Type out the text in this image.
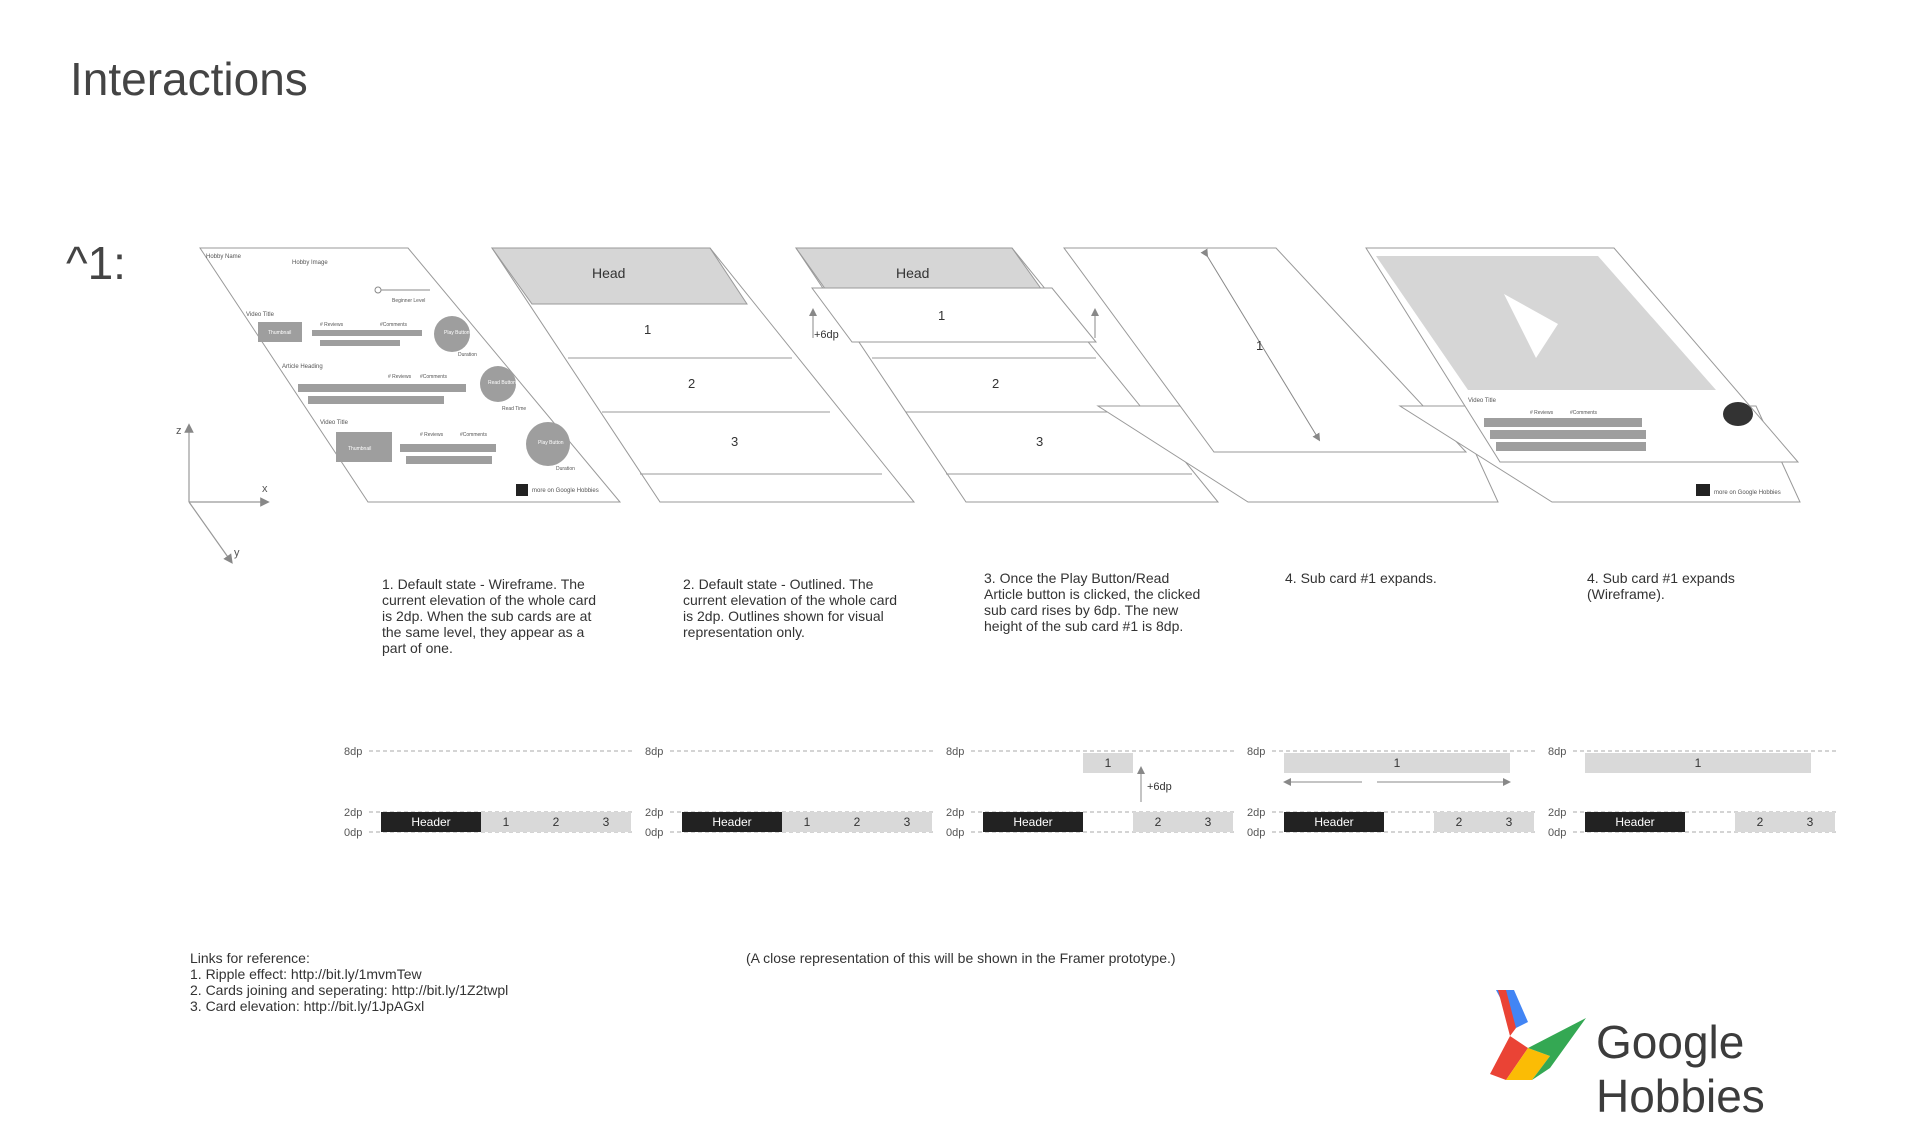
Interactions
^1:
z
x
y
Hobby Name
Hobby Image
Beginner Level
Video Title
Thumbnail
# Reviews	#Comments
Play Button
Duration
Article Heading
# Reviews #Comments
Read Button
Read Time
Video Title
Thumbnail
# Reviews	#Comments
Play Button
Duration
more on Google Hobbies
Head
1
2
3
Head
1
2
3
+6dp
1
more on Google Hobbies
Video Title
# Reviews	#Comments
8dp
2dp
0dp
Header	1	2	3
8dp
2dp
0dp
Header	1	2	3
8dp
2dp
0dp
Header	2	3
1
+6dp
8dp
2dp
0dp
Header	2	3
1
8dp
2dp
0dp
Header	2	3
1
1. Default state - Wireframe. The current elevation of the whole card is 2dp. When the sub cards are at the same level, they appear as a part of one.
2. Default state - Outlined. The current elevation of the whole card is 2dp. Outlines shown for visual representation only.
3. Once the Play Button/Read Article button is clicked, the clicked sub card rises by 6dp. The new height of the sub card #1 is 8dp.
4. Sub card #1 expands.	4. Sub card #1 expands (Wireframe).
Links for reference:
1. Ripple effect: http://bit.ly/1mvmTew
2. Cards joining and seperating: http://bit.ly/1Z2twpl
3. Card elevation: http://bit.ly/1JpAGxl
(A close representation of this will be shown in the Framer prototype.)
Google Hobbies
